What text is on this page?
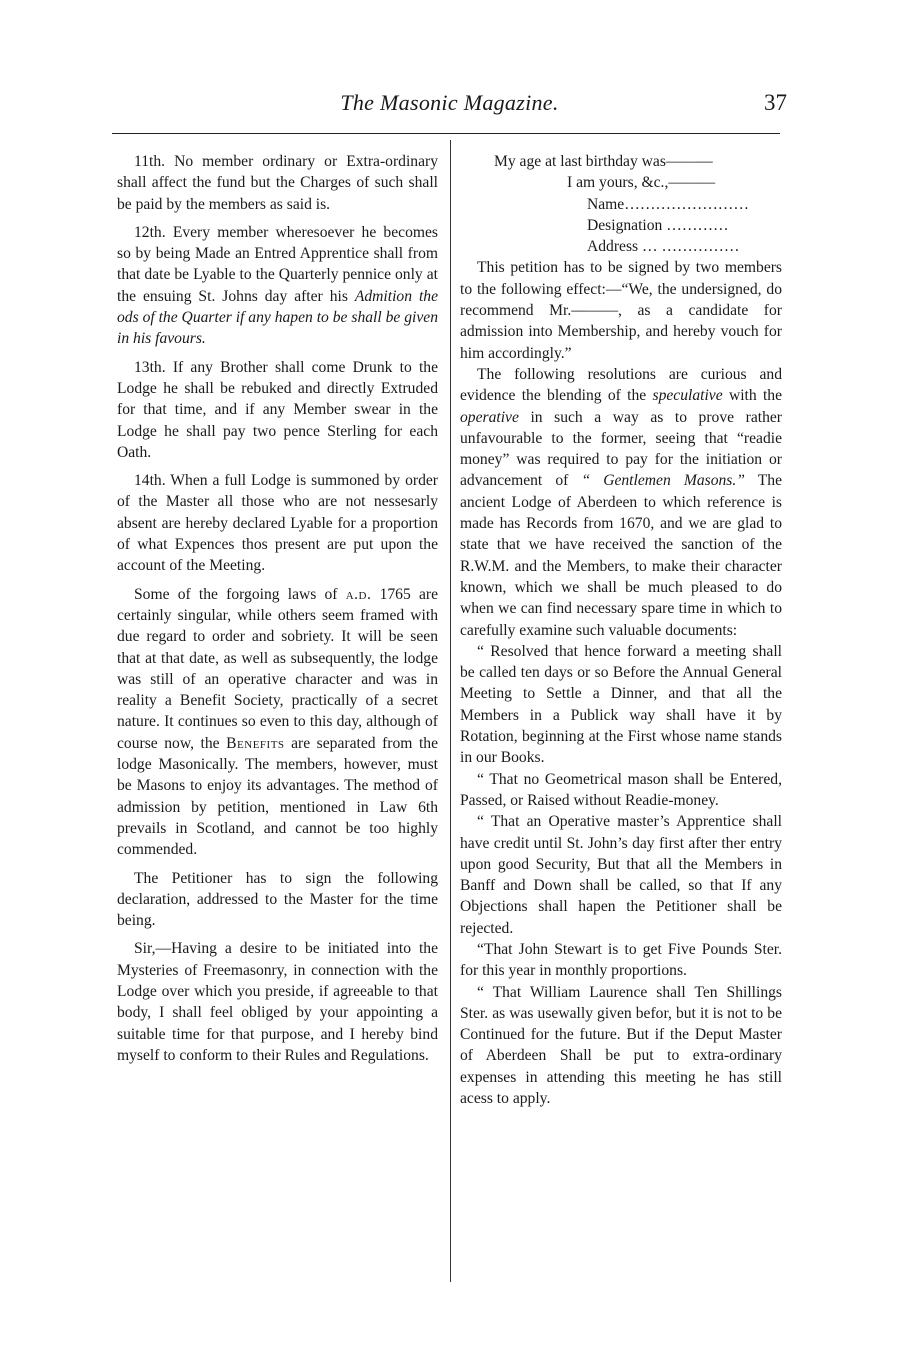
The Masonic Magazine.	37

11th. No member ordinary or Extra-ordinary shall affect the fund but the Charges of such shall be paid by the members as said is.

12th. Every member wheresoever he becomes so by being Made an Entred Apprentice shall from that date be Lyable to the Quarterly pennice only at the ensuing St. Johns day after his Admition the ods of the Quarter if any hapen to be shall be given in his favours.

13th. If any Brother shall come Drunk to the Lodge he shall be rebuked and directly Extruded for that time, and if any Member swear in the Lodge he shall pay two pence Sterling for each Oath.

14th. When a full Lodge is summoned by order of the Master all those who are not nessesarly absent are hereby declared Lyable for a proportion of what Expences thos present are put upon the account of the Meeting.

Some of the forgoing laws of a.d. 1765 are certainly singular, while others seem framed with due regard to order and sobriety. It will be seen that at that date, as well as subsequently, the lodge was still of an operative character and was in reality a Benefit Society, practically of a secret nature. It continues so even to this day, although of course now, the Benefits are separated from the lodge Masonically. The members, however, must be Masons to enjoy its advantages. The method of admission by petition, mentioned in Law 6th prevails in Scotland, and cannot be too highly commended.

The Petitioner has to sign the following declaration, addressed to the Master for the time being.

Sir,—Having a desire to be initiated into the Mysteries of Freemasonry, in connection with the Lodge over which you preside, if agreeable to that body, I shall feel obliged by your appointing a suitable time for that purpose, and I hereby bind myself to conform to their Rules and Regulations.

My age at last birthday was———

I am yours, &c.,———

Name……………………

Designation …………

Address … ……………

This petition has to be signed by two members to the following effect:—“We, the undersigned, do recommend Mr.———, as a candidate for admission into Membership, and hereby vouch for him accordingly.”

The following resolutions are curious and evidence the blending of the speculative with the operative in such a way as to prove rather unfavourable to the former, seeing that “readie money” was required to pay for the initiation or advancement of “ Gentlemen Masons.” The ancient Lodge of Aberdeen to which reference is made has Records from 1670, and we are glad to state that we have received the sanction of the R.W.M. and the Members, to make their character known, which we shall be much pleased to do when we can find necessary spare time in which to carefully examine such valuable documents:

“ Resolved that hence forward a meeting shall be called ten days or so Before the Annual General Meeting to Settle a Dinner, and that all the Members in a Publick way shall have it by Rotation, beginning at the First whose name stands in our Books.

“ That no Geometrical mason shall be Entered, Passed, or Raised without Readie-money.

“ That an Operative master’s Apprentice shall have credit until St. John’s day first after ther entry upon good Security, But that all the Members in Banff and Down shall be called, so that If any Objections shall hapen the Petitioner shall be rejected.

“That John Stewart is to get Five Pounds Ster. for this year in monthly proportions.

“ That William Laurence shall Ten Shillings Ster. as was usewally given befor, but it is not to be Continued for the future. But if the Deput Master of Aberdeen Shall be put to extra-ordinary expenses in attending this meeting he has still acess to apply.
